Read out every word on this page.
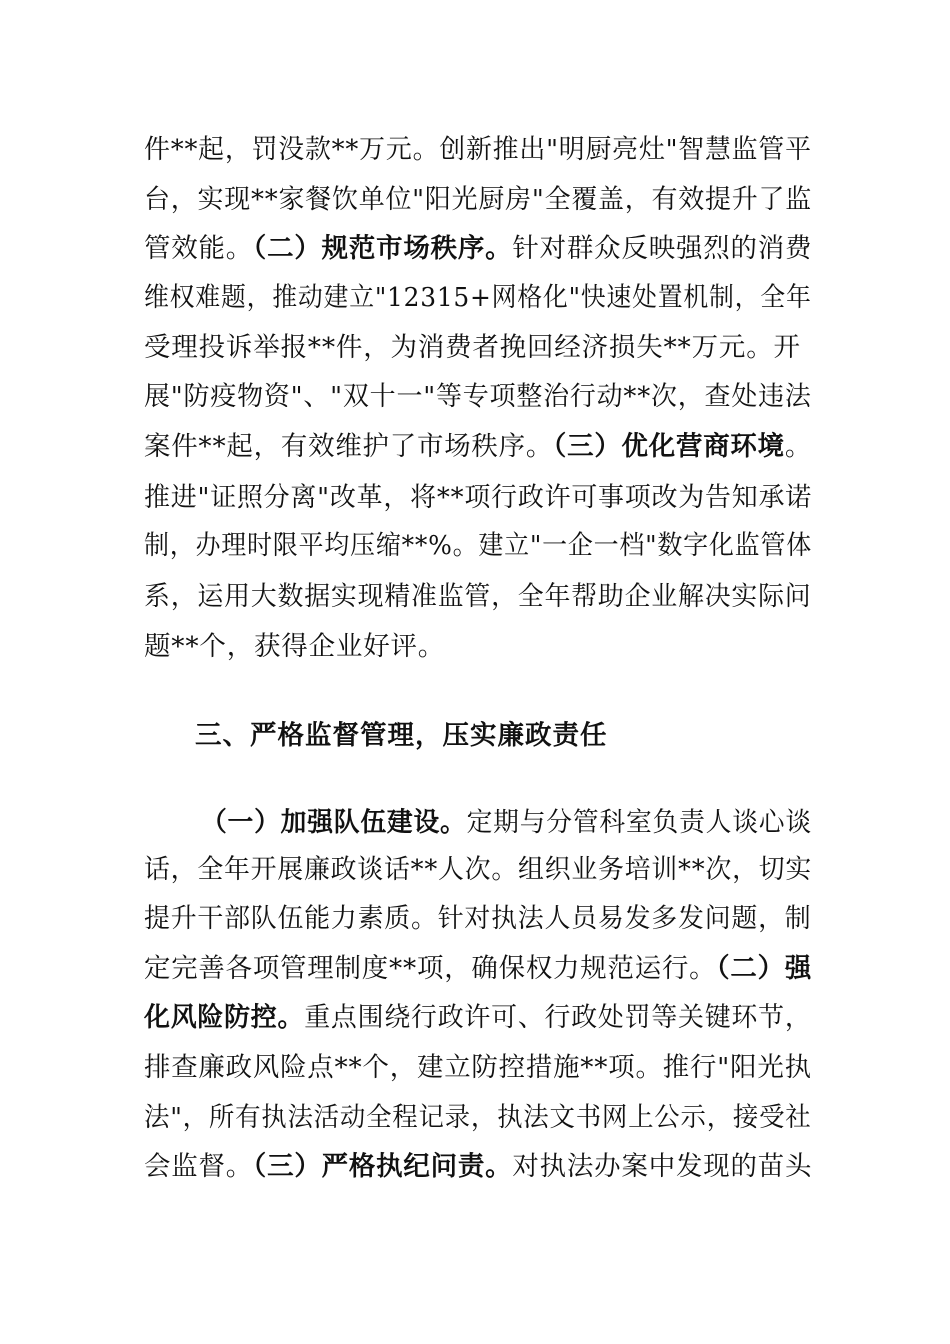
件**起，罚没款**万元。创新推出"明厨亮灶"智慧监管平
台，实现**家餐饮单位"阳光厨房"全覆盖，有效提升了监
管效能。（二）规范市场秩序。针对群众反映强烈的消费
维权难题，推动建立"12315+网格化"快速处置机制，全年
受理投诉举报**件，为消费者挽回经济损失**万元。开
展"防疫物资"、"双十一"等专项整治行动**次，查处违法
案件**起，有效维护了市场秩序。（三）优化营商环境。
推进"证照分离"改革，将**项行政许可事项改为告知承诺
制，办理时限平均压缩**%。建立"一企一档"数字化监管体
系，运用大数据实现精准监管，全年帮助企业解决实际问
题**个，获得企业好评。
三、严格监督管理，压实廉政责任
（一）加强队伍建设。定期与分管科室负责人谈心谈
话，全年开展廉政谈话**人次。组织业务培训**次，切实
提升干部队伍能力素质。针对执法人员易发多发问题，制
定完善各项管理制度**项，确保权力规范运行。（二）强
化风险防控。重点围绕行政许可、行政处罚等关键环节，
排查廉政风险点**个，建立防控措施**项。推行"阳光执
法"，所有执法活动全程记录，执法文书网上公示，接受社
会监督。（三）严格执纪问责。对执法办案中发现的苗头
